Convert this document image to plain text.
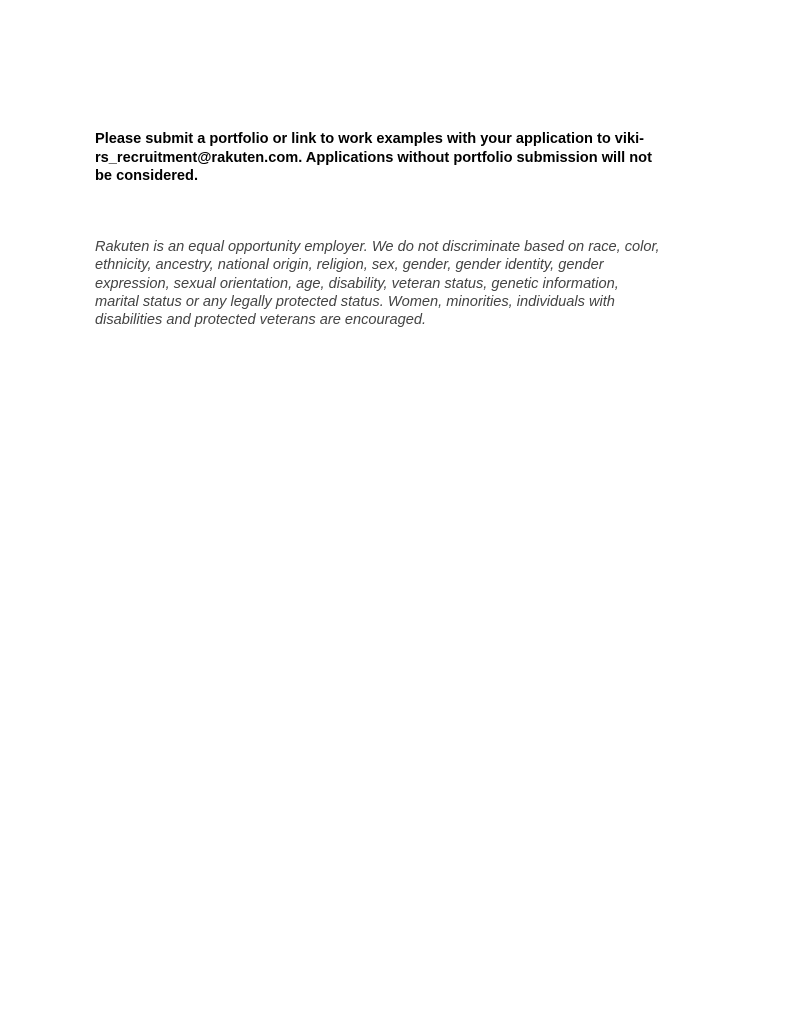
Please submit a portfolio or link to work examples with your application to viki-
rs_recruitment@rakuten.com. Applications without portfolio submission will not
be considered.

Rakuten is an equal opportunity employer. We do not discriminate based on race, color,
ethnicity, ancestry, national origin, religion, sex, gender, gender identity, gender
expression, sexual orientation, age, disability, veteran status, genetic information,
marital status or any legally protected status. Women, minorities, individuals with
disabilities and protected veterans are encouraged.
